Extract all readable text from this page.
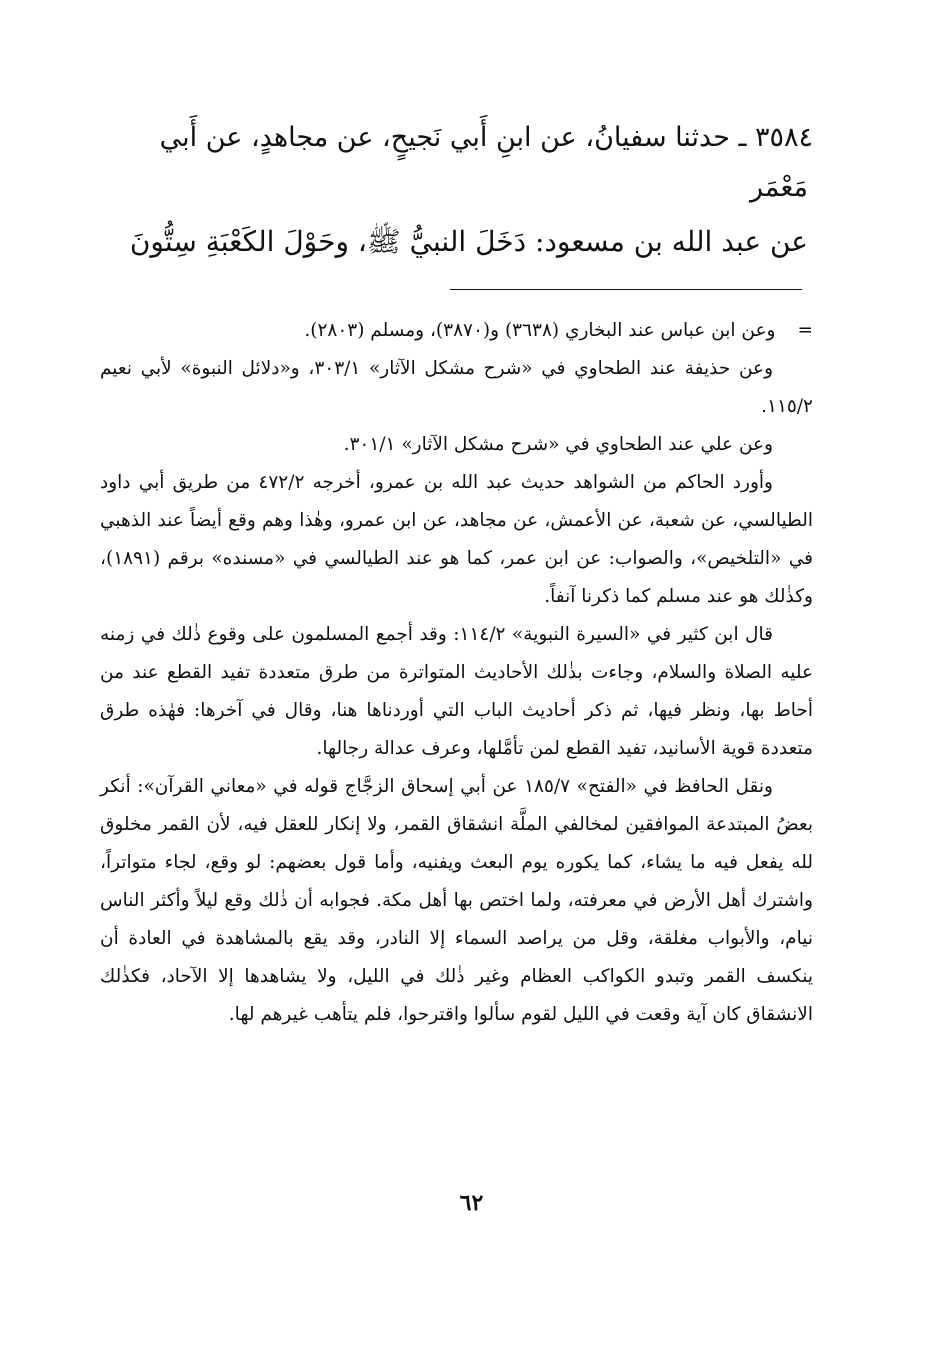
٣٥٨٤ ـ حدثنا سفيانُ، عن ابنِ أَبي نَجيحٍ، عن مجاهدٍ، عن أَبي
مَعْمَر
عن عبد الله بن مسعود: دَخَلَ النبيُّ ﷺ، وحَوْلَ الكَعْبَةِ سِتُّونَ

=وعن ابن عباس عند البخاري (٣٦٣٨) و(٣٨٧٠)، ومسلم (٢٨٠٣).

وعن حذيفة عند الطحاوي في «شرح مشكل الآثار» ٣٠٣/١، و«دلائل النبوة» لأبي نعيم ١١٥/٢.

وعن علي عند الطحاوي في «شرح مشكل الآثار» ٣٠١/١.

وأورد الحاكم من الشواهد حديث عبد الله بن عمرو، أخرجه ٤٧٢/٢ من طريق أبي داود الطيالسي، عن شعبة، عن الأعمش، عن مجاهد، عن ابن عمرو، وهٰذا وهم وقع أيضاً عند الذهبي في «التلخيص»، والصواب: عن ابن عمر، كما هو عند الطيالسي في «مسنده» برقم (١٨٩١)، وكذٰلك هو عند مسلم كما ذكرنا آنفاً.

قال ابن كثير في «السيرة النبوية» ١١٤/٢: وقد أجمع المسلمون على وقوع ذٰلك في زمنه عليه الصلاة والسلام، وجاءت بذٰلك الأحاديث المتواترة من طرق متعددة تفيد القطع عند من أحاط بها، ونظر فيها، ثم ذكر أحاديث الباب التي أوردناها هنا، وقال في آخرها: فهٰذه طرق متعددة قوية الأسانيد، تفيد القطع لمن تأمَّلها، وعرف عدالة رجالها.

ونقل الحافظ في «الفتح» ١٨٥/٧ عن أبي إسحاق الزجَّاج قوله في «معاني القرآن»: أنكر بعضُ المبتدعة الموافقين لمخالفي الملَّة انشقاق القمر، ولا إنكار للعقل فيه، لأن القمر مخلوق لله يفعل فيه ما يشاء، كما يكوره يوم البعث ويفنيه، وأما قول بعضهم: لو وقع، لجاء متواتراً، واشترك أهل الأرض في معرفته، ولما اختص بها أهل مكة. فجوابه أن ذٰلك وقع ليلاً وأكثر الناس نيام، والأبواب مغلقة، وقل من يراصد السماء إلا النادر، وقد يقع بالمشاهدة في العادة أن ينكسف القمر وتبدو الكواكب العظام وغير ذٰلك في الليل، ولا يشاهدها إلا الآحاد، فكذٰلك الانشقاق كان آية وقعت في الليل لقوم سألوا واقترحوا، فلم يتأهب غيرهم لها.

٦٢
